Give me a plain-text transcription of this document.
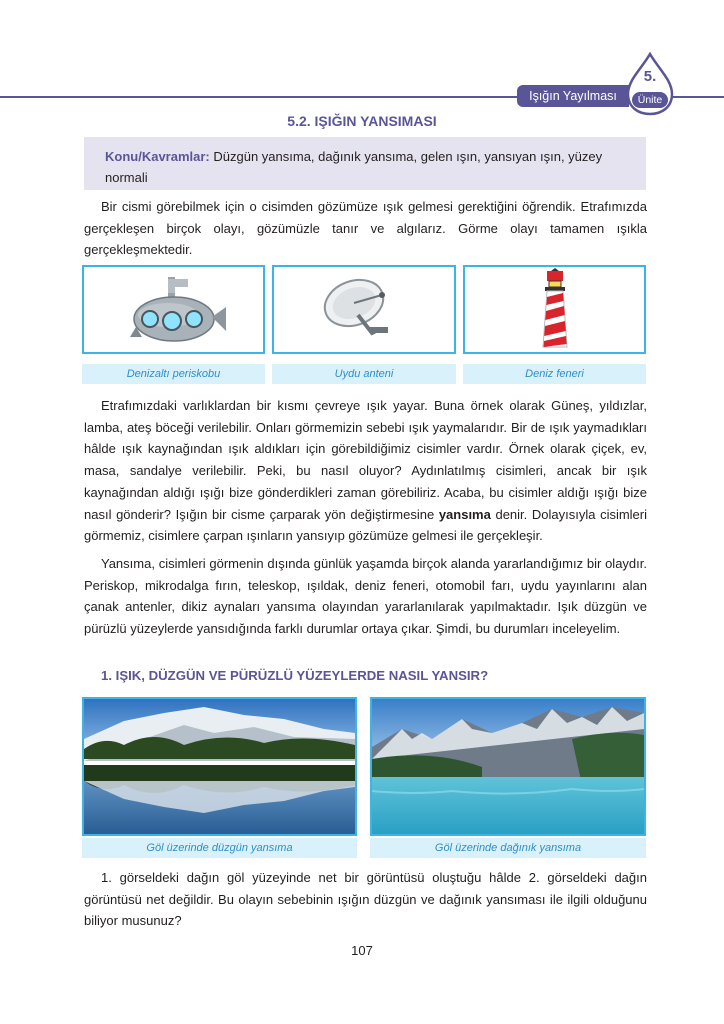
Işığın Yayılması
5.
Ünite
5.2. IŞIĞIN YANSIMASI
Konu/Kavramlar: Düzgün yansıma, dağınık yansıma, gelen ışın, yansıyan ışın, yüzey normali

Bir cismi görebilmek için o cisimden gözümüze ışık gelmesi gerektiğini öğrendik. Etrafımızda gerçekleşen birçok olayı, gözümüzle tanır ve algılarız. Görme olayı tamamen ışıkla gerçekleşmektedir.

Denizaltı periskobu	Uydu anteni	Deniz feneri

Etrafımızdaki varlıklardan bir kısmı çevreye ışık yayar. Buna örnek olarak Güneş, yıldızlar, lamba, ateş böceği verilebilir. Onları görmemizin sebebi ışık yaymalarıdır. Bir de ışık yaymadıkları hâlde ışık kaynağından ışık aldıkları için görebildiğimiz cisimler vardır. Örnek olarak çiçek, ev, masa, sandalye verilebilir. Peki, bu nasıl oluyor? Aydınlatılmış cisimleri, ancak bir ışık kaynağından aldığı ışığı bize gönderdikleri zaman görebiliriz. Acaba, bu cisimler aldığı ışığı bize nasıl gönderir? Işığın bir cisme çarparak yön değiştirmesine yansıma denir. Dolayısıyla cisimleri görmemiz, cisimlere çarpan ışınların yansıyıp gözümüze gelmesi ile gerçekleşir.

Yansıma, cisimleri görmenin dışında günlük yaşamda birçok alanda yararlandığımız bir olaydır. Periskop, mikrodalga fırın, teleskop, ışıldak, deniz feneri, otomobil farı, uydu yayınlarını alan çanak antenler, dikiz aynaları yansıma olayından yararlanılarak yapılmaktadır. Işık düzgün ve pürüzlü yüzeylerde yansıdığında farklı durumlar ortaya çıkar. Şimdi, bu durumları inceleyelim.

1. IŞIK, DÜZGÜN VE PÜRÜZLÜ YÜZEYLERDE NASIL YANSIR?
Göl üzerinde düzgün yansıma	Göl üzerinde dağınık yansıma

1. görseldeki dağın göl yüzeyinde net bir görüntüsü oluştuğu hâlde 2. görseldeki dağın görüntüsü net değildir. Bu olayın sebebinin ışığın düzgün ve dağınık yansıması ile ilgili olduğunu biliyor musunuz?

107
